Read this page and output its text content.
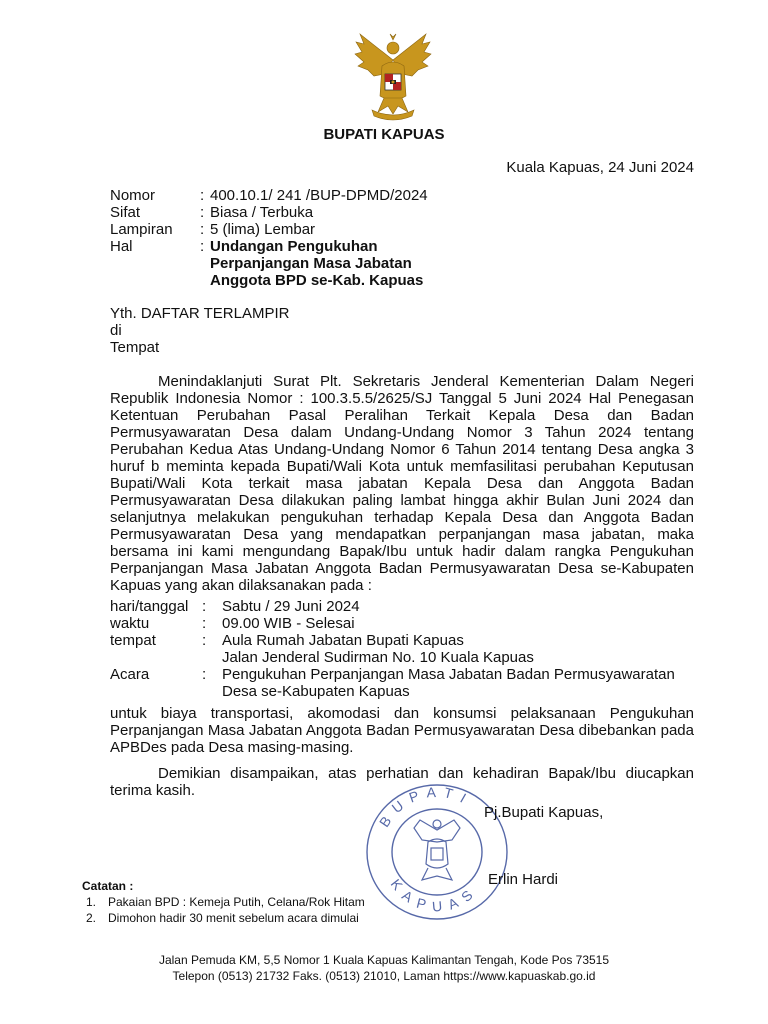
BUPATI KAPUAS
Kuala Kapuas, 24 Juni 2024
Nomor	: 400.10.1/ 241 /BUP-DPMD/2024
Sifat	: Biasa / Terbuka
Lampiran	: 5 (lima) Lembar
Hal	: Undangan Pengukuhan
Perpanjangan Masa Jabatan
Anggota BPD se-Kab. Kapuas
Yth. DAFTAR TERLAMPIR
di
Tempat
Menindaklanjuti Surat Plt. Sekretaris Jenderal Kementerian Dalam Negeri Republik Indonesia Nomor : 100.3.5.5/2625/SJ Tanggal 5 Juni 2024 Hal Penegasan Ketentuan Perubahan Pasal Peralihan Terkait Kepala Desa dan Badan Permusyawaratan Desa dalam Undang-Undang Nomor 3 Tahun 2024 tentang Perubahan Kedua Atas Undang-Undang Nomor 6 Tahun 2014 tentang Desa angka 3 huruf b meminta kepada Bupati/Wali Kota untuk memfasilitasi perubahan Keputusan Bupati/Wali Kota terkait masa jabatan Kepala Desa dan Anggota Badan Permusyawaratan Desa dilakukan paling lambat hingga akhir Bulan Juni 2024 dan selanjutnya melakukan pengukuhan terhadap Kepala Desa dan Anggota Badan Permusyawaratan Desa yang mendapatkan perpanjangan masa jabatan, maka bersama ini kami mengundang Bapak/Ibu untuk hadir dalam rangka Pengukuhan Perpanjangan Masa Jabatan Anggota Badan Permusyawaratan Desa se-Kabupaten Kapuas yang akan dilaksanakan pada :
hari/tanggal :	Sabtu / 29 Juni 2024
waktu	:	09.00 WIB - Selesai
tempat	:	Aula Rumah Jabatan Bupati Kapuas
Jalan Jenderal Sudirman No. 10 Kuala Kapuas
Acara	:	Pengukuhan Perpanjangan Masa Jabatan Badan Permusyawaratan
Desa se-Kabupaten Kapuas
untuk biaya transportasi, akomodasi dan konsumsi pelaksanaan Pengukuhan Perpanjangan Masa Jabatan Anggota Badan Permusyawaratan Desa dibebankan pada APBDes pada Desa masing-masing.
Demikian disampaikan, atas perhatian dan kehadiran Bapak/Ibu diucapkan terima kasih.
BUPATI
KAPUAS
Pj.Bupati Kapuas,
Erlin Hardi
Catatan :
1. Pakaian BPD : Kemeja Putih, Celana/Rok Hitam
2. Dimohon hadir 30 menit sebelum acara dimulai
Jalan Pemuda KM, 5,5 Nomor 1 Kuala Kapuas Kalimantan Tengah, Kode Pos 73515
Telepon (0513) 21732 Faks. (0513) 21010, Laman https://www.kapuaskab.go.id
